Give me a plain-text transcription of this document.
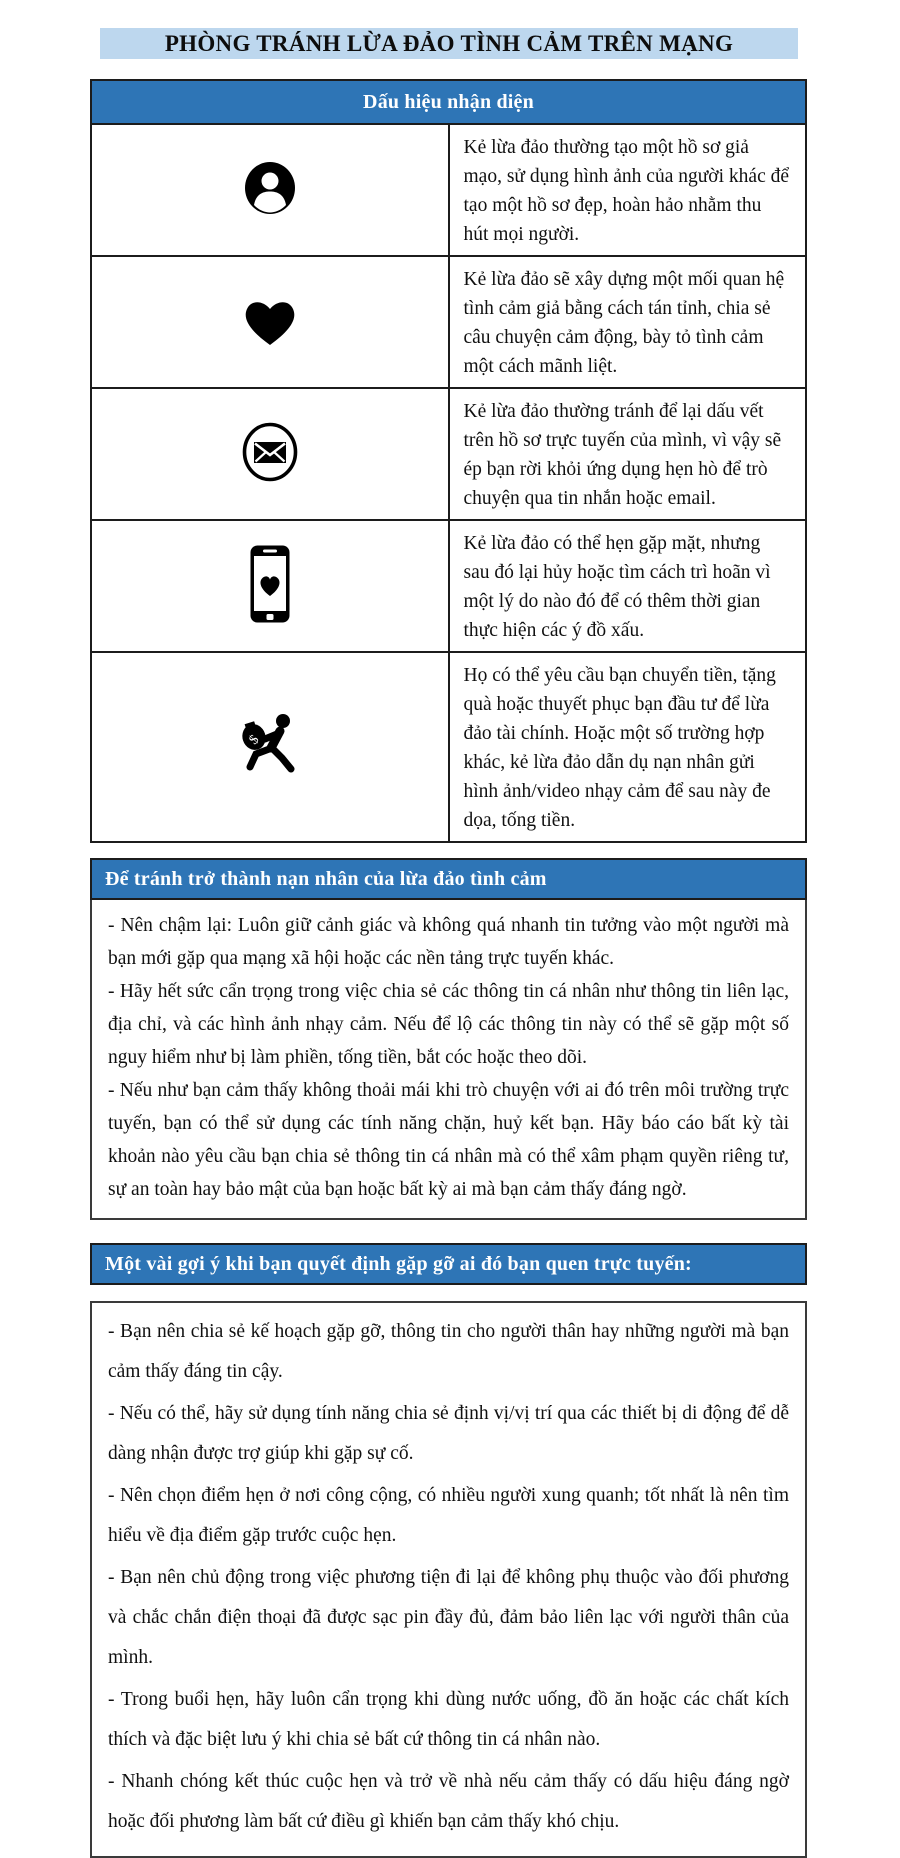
PHÒNG TRÁNH LỪA ĐẢO TÌNH CẢM TRÊN MẠNG
Dấu hiệu nhận diện	
	Kẻ lừa đảo thường tạo một hồ sơ giả mạo, sử dụng hình ảnh của người khác để tạo một hồ sơ đẹp, hoàn hảo nhằm thu hút mọi người.
	Kẻ lừa đảo sẽ xây dựng một mối quan hệ tình cảm giả bằng cách tán tỉnh, chia sẻ câu chuyện cảm động, bày tỏ tình cảm một cách mãnh liệt.
	Kẻ lừa đảo thường tránh để lại dấu vết trên hồ sơ trực tuyến của mình, vì vậy sẽ ép bạn rời khỏi ứng dụng hẹn hò để trò chuyện qua tin nhắn hoặc email.
	Kẻ lừa đảo có thể hẹn gặp mặt, nhưng sau đó lại hủy hoặc tìm cách trì hoãn vì một lý do nào đó để có thêm thời gian thực hiện các ý đồ xấu.

$	Họ có thể yêu cầu bạn chuyển tiền, tặng quà hoặc thuyết phục bạn đầu tư để lừa đảo tài chính. Hoặc một số trường hợp khác, kẻ lừa đảo dẫn dụ nạn nhân gửi hình ảnh/video nhạy cảm để sau này đe dọa, tống tiền.
Để tránh trở thành nạn nhân của lừa đảo tình cảm

- Nên chậm lại: Luôn giữ cảnh giác và không quá nhanh tin tưởng vào một người mà bạn mới gặp qua mạng xã hội hoặc các nền tảng trực tuyến khác.

- Hãy hết sức cẩn trọng trong việc chia sẻ các thông tin cá nhân như thông tin liên lạc, địa chỉ, và các hình ảnh nhạy cảm. Nếu để lộ các thông tin này có thể sẽ gặp một số nguy hiểm như bị làm phiền, tống tiền, bắt cóc hoặc theo dõi.

- Nếu như bạn cảm thấy không thoải mái khi trò chuyện với ai đó trên môi trường trực tuyến, bạn có thể sử dụng các tính năng chặn, huỷ kết bạn. Hãy báo cáo bất kỳ tài khoản nào yêu cầu bạn chia sẻ thông tin cá nhân mà có thể xâm phạm quyền riêng tư, sự an toàn hay bảo mật của bạn hoặc bất kỳ ai mà bạn cảm thấy đáng ngờ.

Một vài gợi ý khi bạn quyết định gặp gỡ ai đó bạn quen trực tuyến:

- Bạn nên chia sẻ kế hoạch gặp gỡ, thông tin cho người thân hay những người mà bạn cảm thấy đáng tin cậy.

- Nếu có thể, hãy sử dụng tính năng chia sẻ định vị/vị trí qua các thiết bị di động để dễ dàng nhận được trợ giúp khi gặp sự cố.

- Nên chọn điểm hẹn ở nơi công cộng, có nhiều người xung quanh; tốt nhất là nên tìm hiểu về địa điểm gặp trước cuộc hẹn.

- Bạn nên chủ động trong việc phương tiện đi lại để không phụ thuộc vào đối phương và chắc chắn điện thoại đã được sạc pin đầy đủ, đảm bảo liên lạc với người thân của mình.

- Trong buổi hẹn, hãy luôn cẩn trọng khi dùng nước uống, đồ ăn hoặc các chất kích thích và đặc biệt lưu ý khi chia sẻ bất cứ thông tin cá nhân nào.

- Nhanh chóng kết thúc cuộc hẹn và trở về nhà nếu cảm thấy có dấu hiệu đáng ngờ hoặc đối phương làm bất cứ điều gì khiến bạn cảm thấy khó chịu.
